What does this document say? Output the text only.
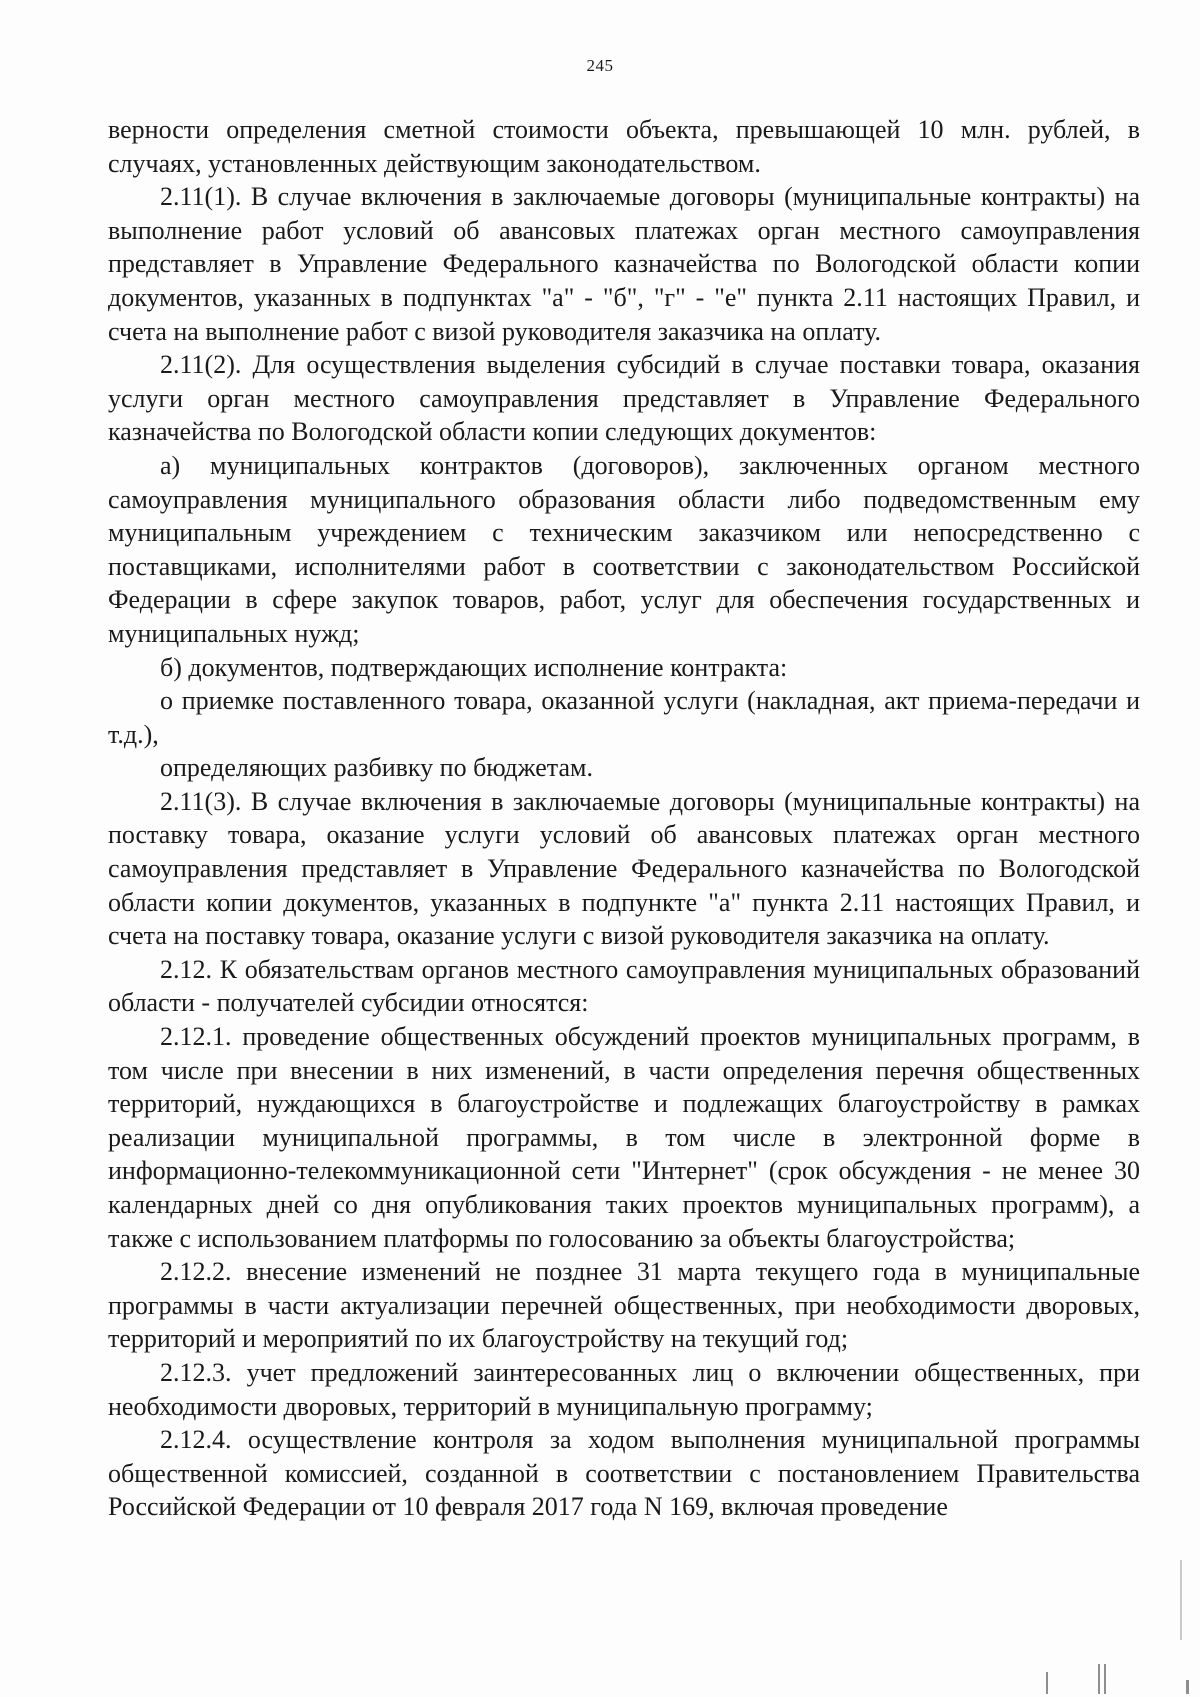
245

верности определения сметной стоимости объекта, превышающей 10 млн. рублей, в случаях, установленных действующим законодательством.

2.11(1). В случае включения в заключаемые договоры (муниципальные контракты) на выполнение работ условий об авансовых платежах орган местного самоуправления представляет в Управление Федерального казначейства по Вологодской области копии документов, указанных в подпунктах "а" - "б", "г" - "е" пункта 2.11 настоящих Правил, и счета на выполнение работ с визой руководителя заказчика на оплату.

2.11(2). Для осуществления выделения субсидий в случае поставки товара, оказания услуги орган местного самоуправления представляет в Управление Федерального казначейства по Вологодской области копии следующих документов:

а) муниципальных контрактов (договоров), заключенных органом местного самоуправления муниципального образования области либо подведомственным ему муниципальным учреждением с техническим заказчиком или непосредственно с поставщиками, исполнителями работ в соответствии с законодательством Российской Федерации в сфере закупок товаров, работ, услуг для обеспечения государственных и муниципальных нужд;

б) документов, подтверждающих исполнение контракта:

о приемке поставленного товара, оказанной услуги (накладная, акт приема-передачи и т.д.),

определяющих разбивку по бюджетам.

2.11(3). В случае включения в заключаемые договоры (муниципальные контракты) на поставку товара, оказание услуги условий об авансовых платежах орган местного самоуправления представляет в Управление Федерального казначейства по Вологодской области копии документов, указанных в подпункте "а" пункта 2.11 настоящих Правил, и счета на поставку товара, оказание услуги с визой руководителя заказчика на оплату.

2.12. К обязательствам органов местного самоуправления муниципальных образований области - получателей субсидии относятся:

2.12.1. проведение общественных обсуждений проектов муниципальных программ, в том числе при внесении в них изменений, в части определения перечня общественных территорий, нуждающихся в благоустройстве и подлежащих благоустройству в рамках реализации муниципальной программы, в том числе в электронной форме в информационно-телекоммуникационной сети "Интернет" (срок обсуждения - не менее 30 календарных дней со дня опубликования таких проектов муниципальных программ), а также с использованием платформы по голосованию за объекты благоустройства;

2.12.2. внесение изменений не позднее 31 марта текущего года в муниципальные программы в части актуализации перечней общественных, при необходимости дворовых, территорий и мероприятий по их благоустройству на текущий год;

2.12.3. учет предложений заинтересованных лиц о включении общественных, при необходимости дворовых, территорий в муниципальную программу;

2.12.4. осуществление контроля за ходом выполнения муниципальной программы общественной комиссией, созданной в соответствии с постановлением Правительства Российской Федерации от 10 февраля 2017 года N 169, включая проведение
